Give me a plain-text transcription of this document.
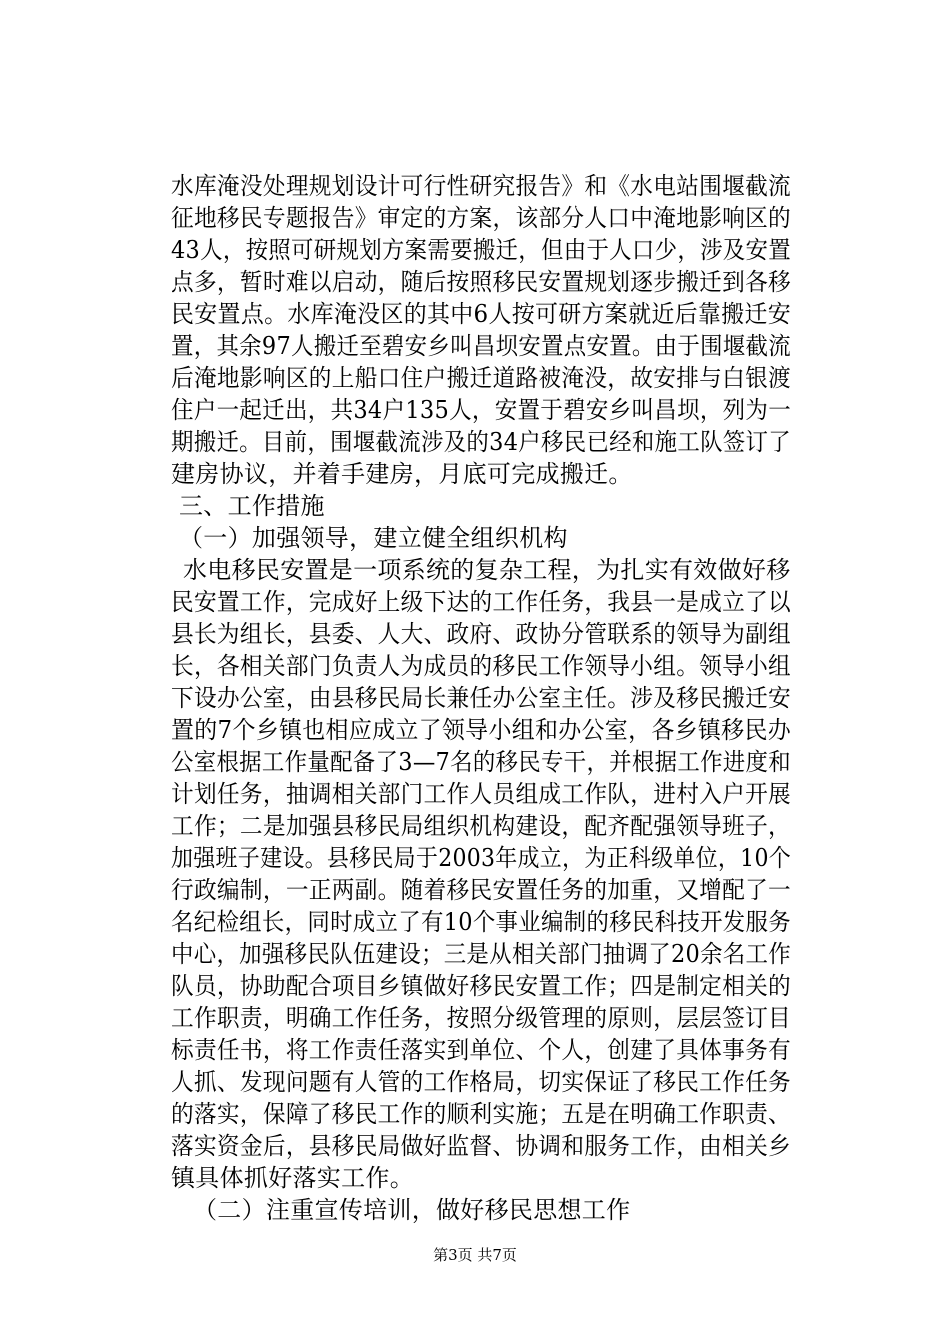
水库淹没处理规划设计可行性研究报告》和《水电站围堰截流
征地移民专题报告》审定的方案，该部分人口中淹地影响区的
43人，按照可研规划方案需要搬迁，但由于人口少，涉及安置
点多，暂时难以启动，随后按照移民安置规划逐步搬迁到各移
民安置点。水库淹没区的其中6人按可研方案就近后靠搬迁安
置，其余97人搬迁至碧安乡叫昌坝安置点安置。由于围堰截流
后淹地影响区的上船口住户搬迁道路被淹没，故安排与白银渡
住户一起迁出，共34户135人，安置于碧安乡叫昌坝，列为一
期搬迁。目前，围堰截流涉及的34户移民已经和施工队签订了
建房协议，并着手建房，月底可完成搬迁。
三、工作措施
（一）加强领导，建立健全组织机构
水电移民安置是一项系统的复杂工程，为扎实有效做好移
民安置工作，完成好上级下达的工作任务，我县一是成立了以
县长为组长，县委、人大、政府、政协分管联系的领导为副组
长，各相关部门负责人为成员的移民工作领导小组。领导小组
下设办公室，由县移民局长兼任办公室主任。涉及移民搬迁安
置的7个乡镇也相应成立了领导小组和办公室，各乡镇移民办
公室根据工作量配备了3—7名的移民专干，并根据工作进度和
计划任务，抽调相关部门工作人员组成工作队，进村入户开展
工作；二是加强县移民局组织机构建设，配齐配强领导班子，
加强班子建设。县移民局于2003年成立，为正科级单位，10个
行政编制，一正两副。随着移民安置任务的加重，又增配了一
名纪检组长，同时成立了有10个事业编制的移民科技开发服务
中心，加强移民队伍建设；三是从相关部门抽调了20余名工作
队员，协助配合项目乡镇做好移民安置工作；四是制定相关的
工作职责，明确工作任务，按照分级管理的原则，层层签订目
标责任书，将工作责任落实到单位、个人，创建了具体事务有
人抓、发现问题有人管的工作格局，切实保证了移民工作任务
的落实，保障了移民工作的顺利实施；五是在明确工作职责、
落实资金后，县移民局做好监督、协调和服务工作，由相关乡
镇具体抓好落实工作。
（二）注重宣传培训，做好移民思想工作
第3页 共7页
